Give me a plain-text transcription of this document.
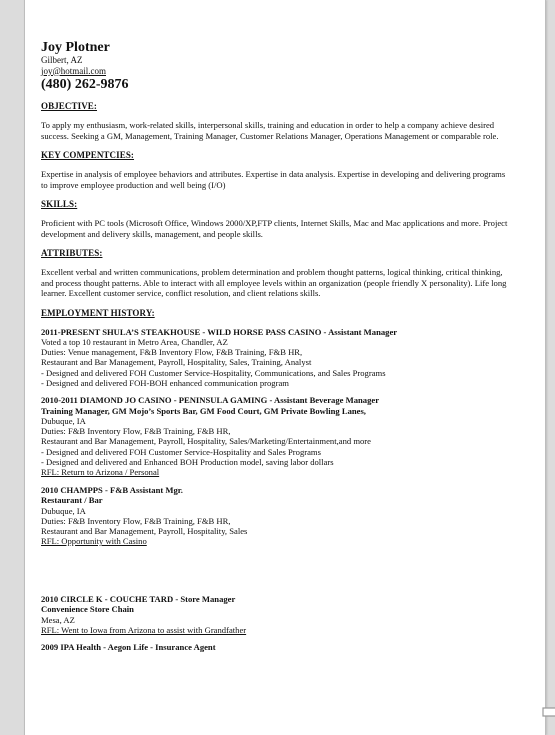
Joy Plotner
Gilbert, AZ
joy@hotmail.com
(480) 262-9876
OBJECTIVE:
To apply my enthusiasm, work-related skills, interpersonal skills, training and education in order to help a company achieve desired success. Seeking a GM, Management, Training Manager, Customer Relations Manager, Operations Management or comparable role.
KEY COMPENTCIES:
Expertise in analysis of employee behaviors and attributes. Expertise in data analysis. Expertise in developing and delivering programs to improve employee production and well being (I/O)
SKILLS:
Proficient with PC tools (Microsoft Office, Windows 2000/XP,FTP clients, Internet Skills, Mac and Mac applications and more. Project development and delivery skills, management, and people skills.
ATTRIBUTES:
Excellent verbal and written communications, problem determination and problem thought patterns, logical thinking, critical thinking, and process thought patterns. Able to interact with all employee levels within an organization (people friendly X personality). Life long learner. Excellent customer service, conflict resolution, and client relations skills.
EMPLOYMENT HISTORY:
2011-PRESENT SHULA’S STEAKHOUSE - WILD HORSE PASS CASINO - Assistant Manager
Voted a top 10 restaurant in Metro Area, Chandler, AZ
Duties: Venue management, F&B Inventory Flow, F&B Training, F&B HR,
Restaurant and Bar Management, Payroll, Hospitality, Sales, Training, Analyst
- Designed and delivered FOH Customer Service-Hospitality, Communications, and Sales Programs
- Designed and delivered FOH-BOH enhanced communication program
2010-2011 DIAMOND JO CASINO - PENINSULA GAMING - Assistant Beverage Manager
Training Manager, GM Mojo’s Sports Bar, GM Food Court, GM Private Bowling Lanes,
Dubuque, IA
Duties: F&B Inventory Flow, F&B Training, F&B HR,
Restaurant and Bar Management, Payroll, Hospitality, Sales/Marketing/Entertainment,and more
- Designed and delivered FOH Customer Service-Hospitality and Sales Programs
- Designed and delivered and Enhanced BOH Production model, saving labor dollars
RFL: Return to Arizona / Personal
2010 CHAMPPS - F&B Assistant Mgr.
Restaurant / Bar
Dubuque, IA
Duties: F&B Inventory Flow, F&B Training, F&B HR,
Restaurant and Bar Management, Payroll, Hospitality, Sales
RFL: Opportunity with Casino
2010 CIRCLE K - COUCHE TARD - Store Manager
Convenience Store Chain
Mesa, AZ
RFL: Went to Iowa from Arizona to assist with Grandfather
2009 IPA Health - Aegon Life - Insurance Agent
